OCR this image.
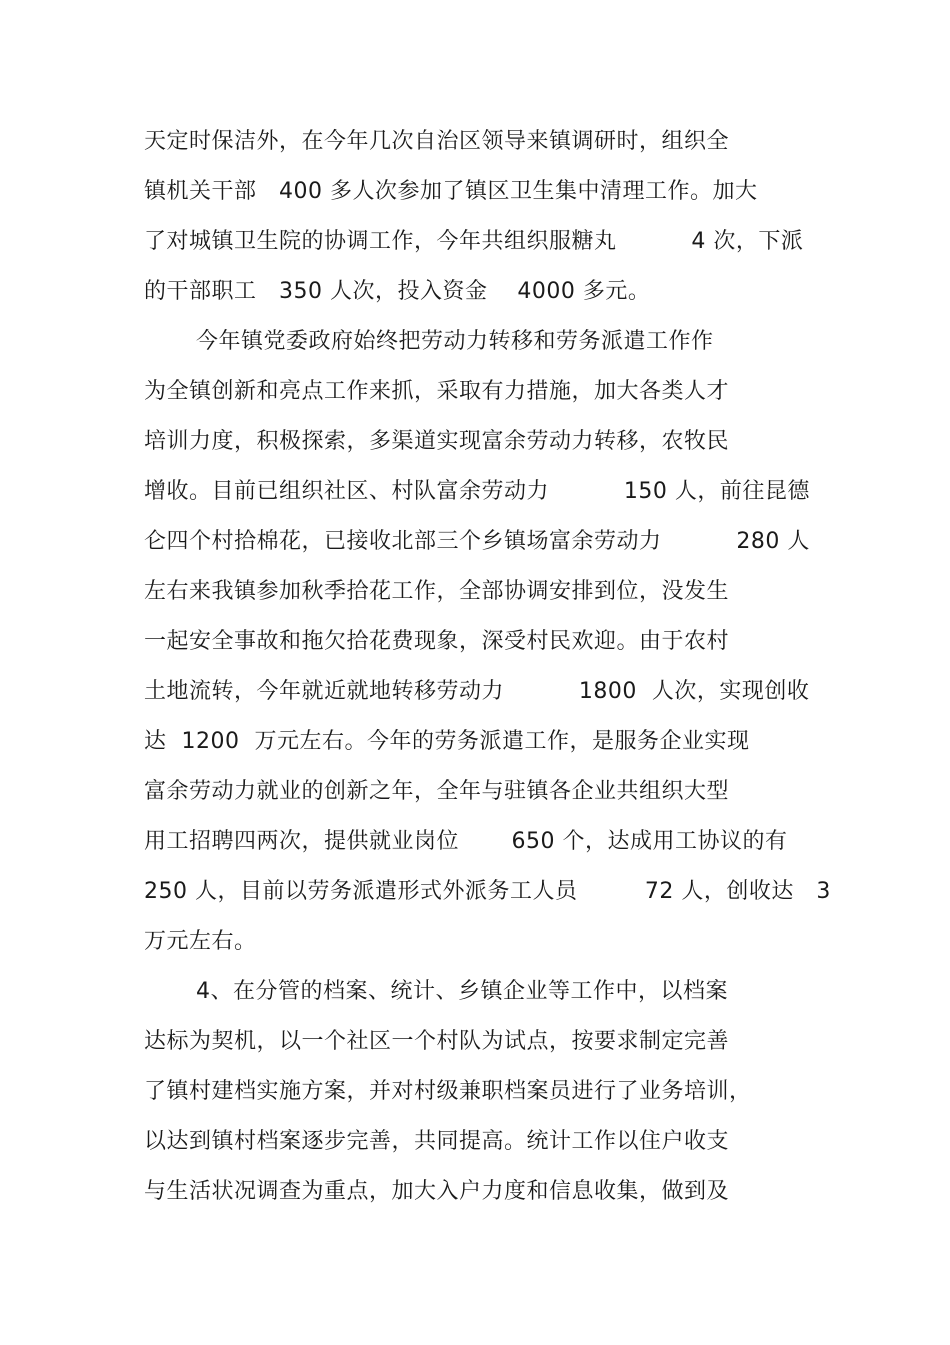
天定时保洁外，在今年几次自治区领导来镇调研时，组织全
镇机关干部   400 多人次参加了镇区卫生集中清理工作。加大
了对城镇卫生院的协调工作，今年共组织服糖丸          4 次，下派
的干部职工   350 人次，投入资金    4000 多元。
今年镇党委政府始终把劳动力转移和劳务派遣工作作
为全镇创新和亮点工作来抓，采取有力措施，加大各类人才
培训力度，积极探索，多渠道实现富余劳动力转移，农牧民
增收。目前已组织社区、村队富余劳动力          150 人，前往昆德
仑四个村拾棉花，已接收北部三个乡镇场富余劳动力          280 人
左右来我镇参加秋季拾花工作，全部协调安排到位，没发生
一起安全事故和拖欠拾花费现象，深受村民欢迎。由于农村
土地流转，今年就近就地转移劳动力          1800  人次，实现创收
达  1200  万元左右。今年的劳务派遣工作，是服务企业实现
富余劳动力就业的创新之年，全年与驻镇各企业共组织大型
用工招聘四两次，提供就业岗位       650 个，达成用工协议的有
250 人，目前以劳务派遣形式外派务工人员         72 人，创收达   3
万元左右。
4、在分管的档案、统计、乡镇企业等工作中，以档案
达标为契机，以一个社区一个村队为试点，按要求制定完善
了镇村建档实施方案，并对村级兼职档案员进行了业务培训，
以达到镇村档案逐步完善，共同提高。统计工作以住户收支
与生活状况调查为重点，加大入户力度和信息收集，做到及
